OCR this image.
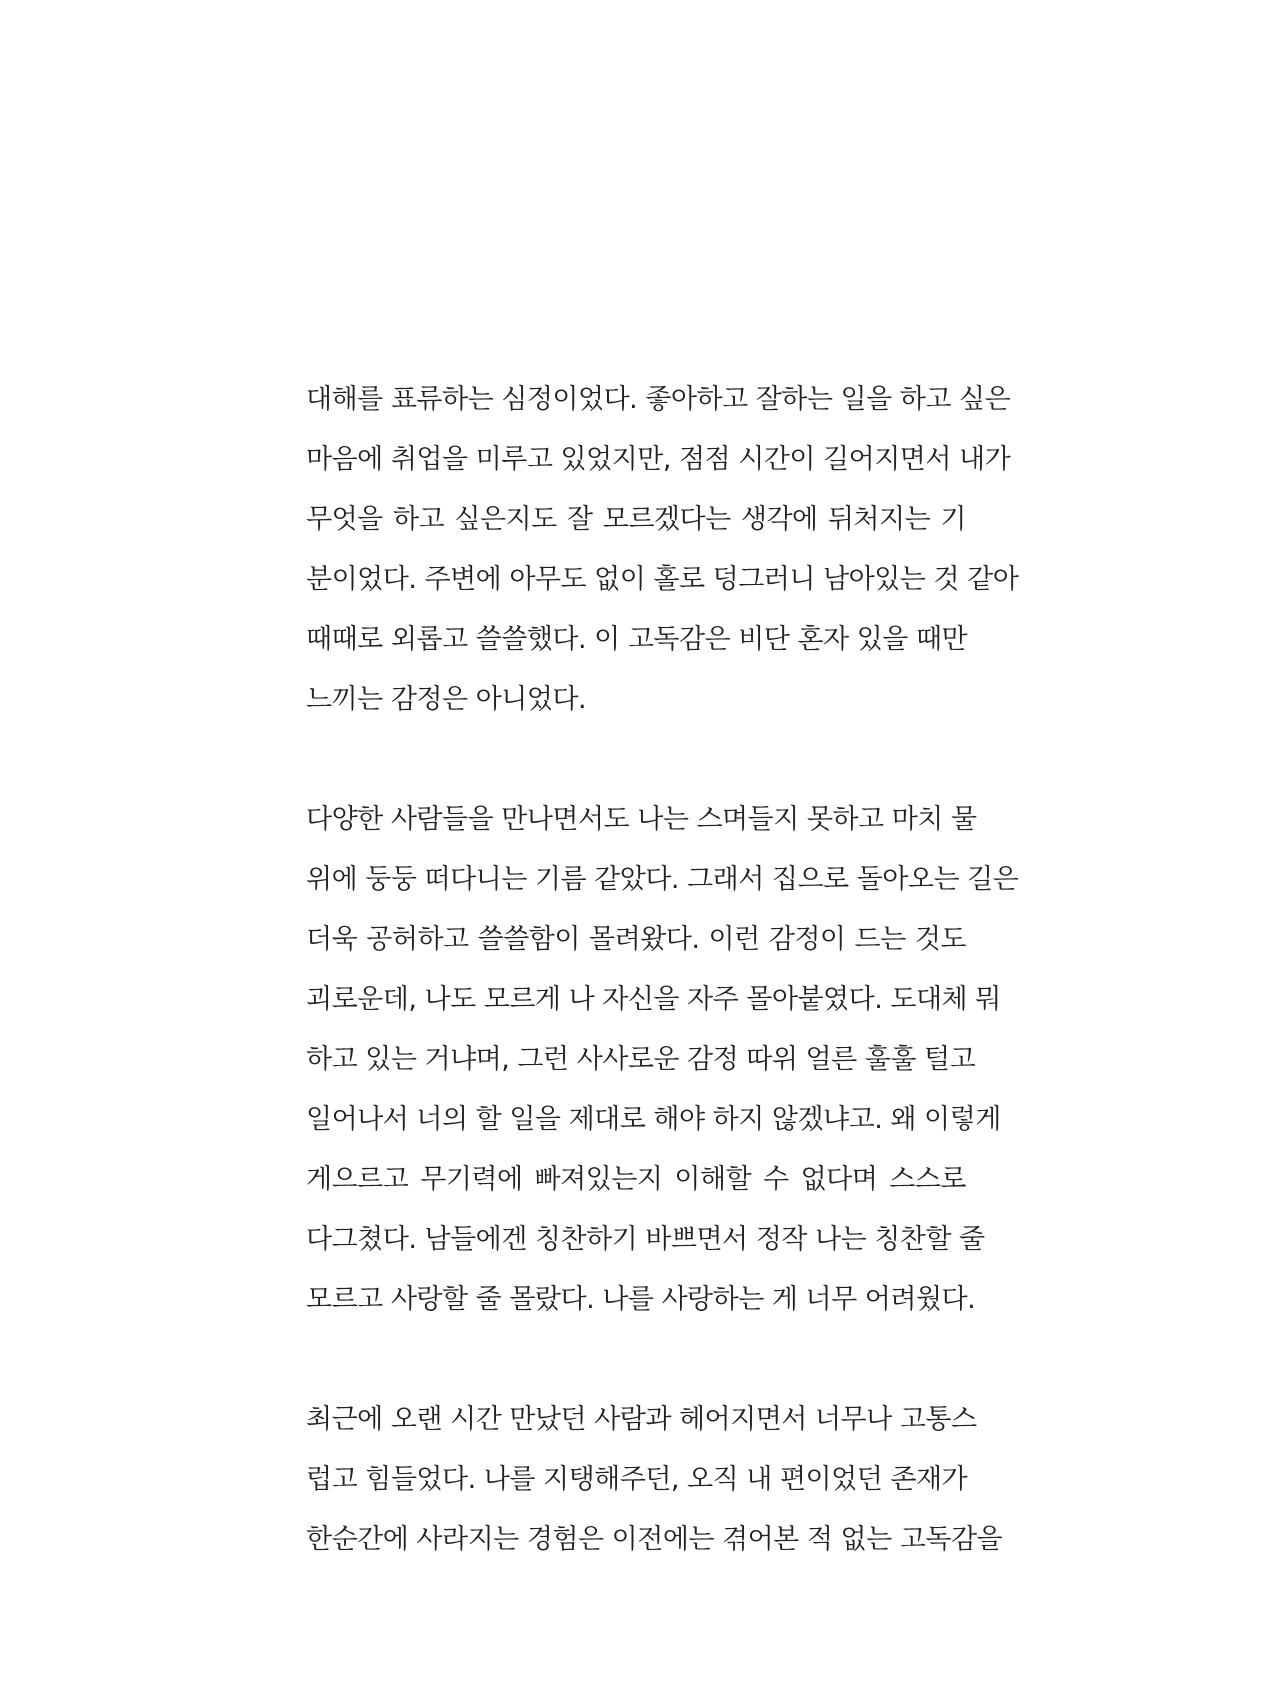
대해를 표류하는 심정이었다. 좋아하고 잘하는 일을 하고 싶은
마음에 취업을 미루고 있었지만, 점점 시간이 길어지면서 내가
무엇을 하고 싶은지도 잘 모르겠다는 생각에 뒤처지는 기
분이었다. 주변에 아무도 없이 홀로 덩그러니 남아있는 것 같아
때때로 외롭고 쓸쓸했다. 이 고독감은 비단 혼자 있을 때만
느끼는 감정은 아니었다.
다양한 사람들을 만나면서도 나는 스며들지 못하고 마치 물
위에 둥둥 떠다니는 기름 같았다. 그래서 집으로 돌아오는 길은
더욱 공허하고 쓸쓸함이 몰려왔다. 이런 감정이 드는 것도
괴로운데, 나도 모르게 나 자신을 자주 몰아붙였다. 도대체 뭐
하고 있는 거냐며, 그런 사사로운 감정 따위 얼른 훌훌 털고
일어나서 너의 할 일을 제대로 해야 하지 않겠냐고. 왜 이렇게
게으르고 무기력에 빠져있는지 이해할 수 없다며 스스로
다그쳤다. 남들에겐 칭찬하기 바쁘면서 정작 나는 칭찬할 줄
모르고 사랑할 줄 몰랐다. 나를 사랑하는 게 너무 어려웠다.
최근에 오랜 시간 만났던 사람과 헤어지면서 너무나 고통스
럽고 힘들었다. 나를 지탱해주던, 오직 내 편이었던 존재가
한순간에 사라지는 경험은 이전에는 겪어본 적 없는 고독감을
